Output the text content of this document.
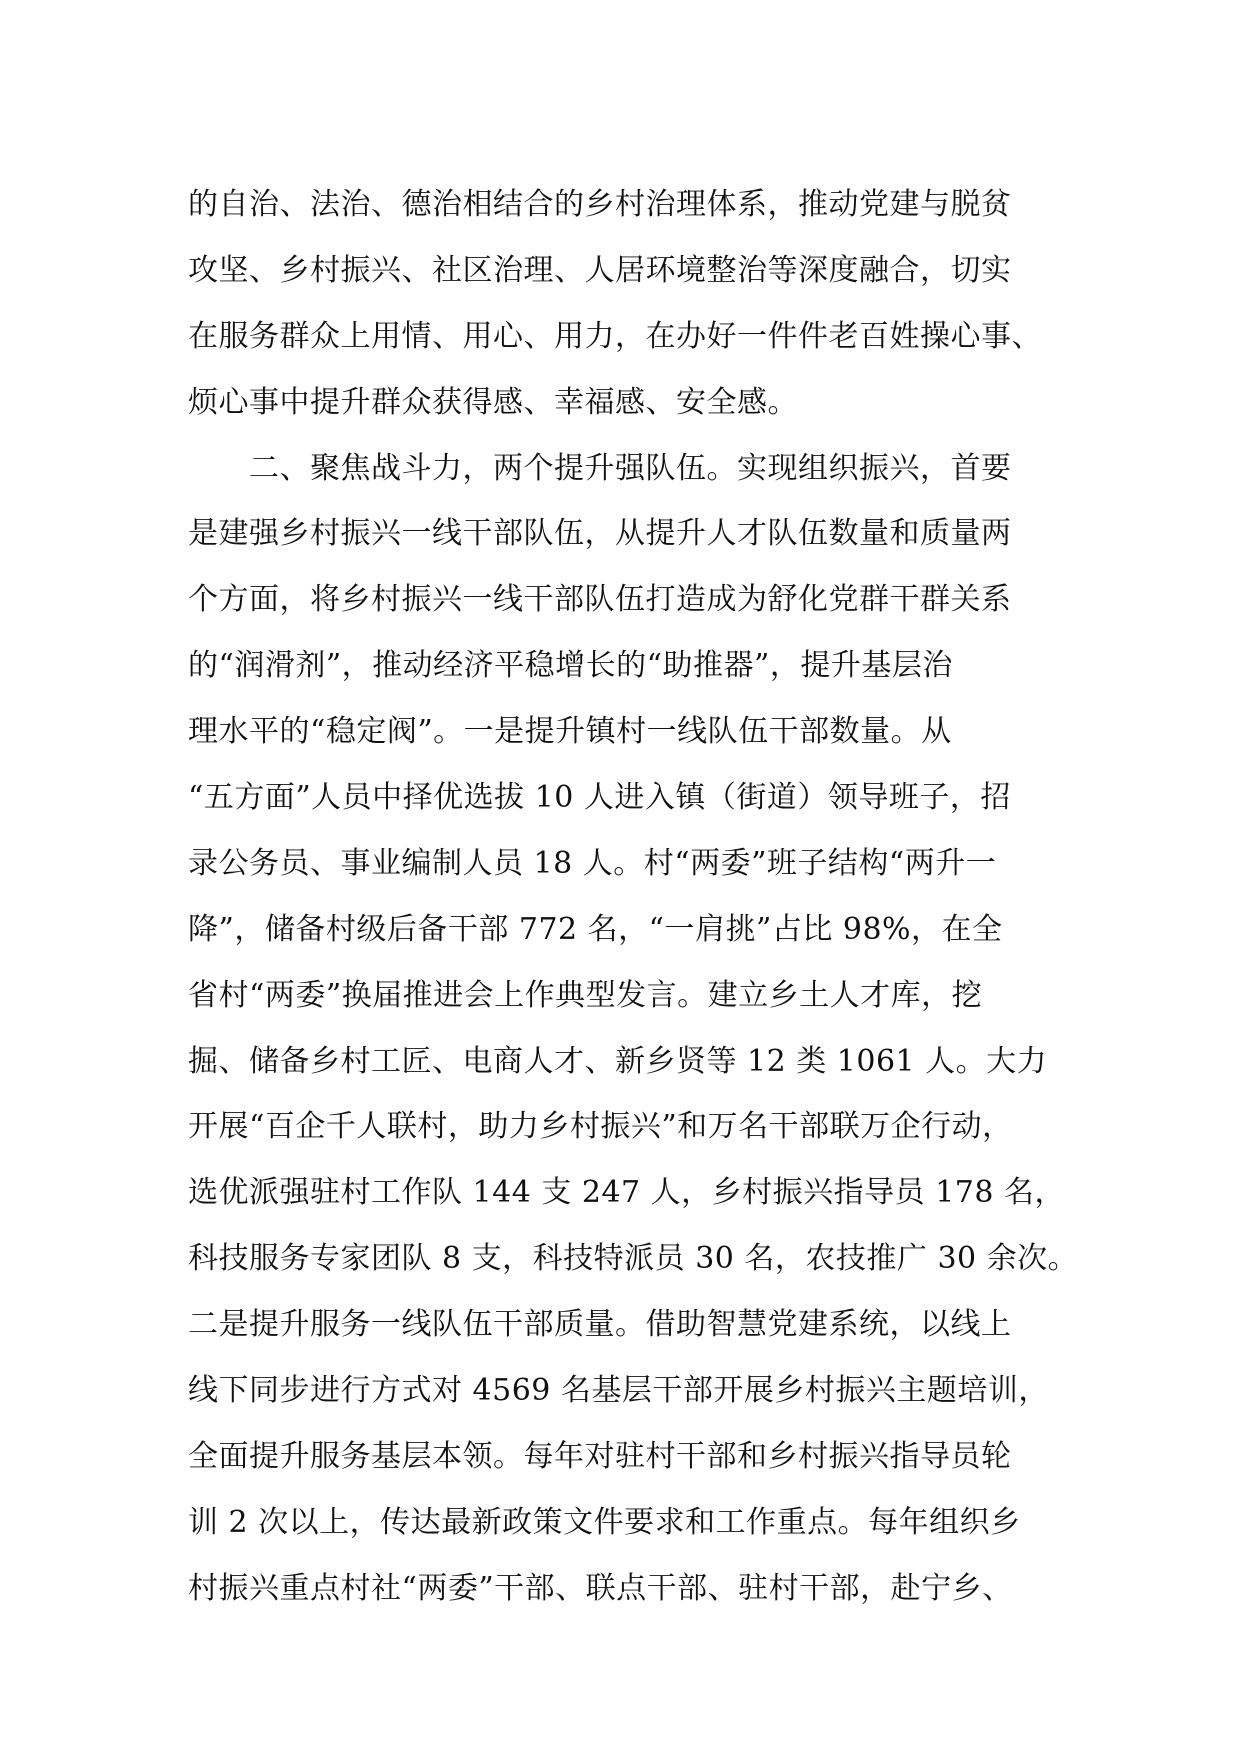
的自治、法治、德治相结合的乡村治理体系，推动党建与脱贫
攻坚、乡村振兴、社区治理、人居环境整治等深度融合，切实
在服务群众上用情、用心、用力，在办好一件件老百姓操心事、
烦心事中提升群众获得感、幸福感、安全感。
　　二、聚焦战斗力，两个提升强队伍。实现组织振兴，首要
是建强乡村振兴一线干部队伍，从提升人才队伍数量和质量两
个方面，将乡村振兴一线干部队伍打造成为舒化党群干群关系
的“润滑剂”，推动经济平稳增长的“助推器”，提升基层治
理水平的“稳定阀”。一是提升镇村一线队伍干部数量。从
“五方面”人员中择优选拔 10 人进入镇（街道）领导班子，招
录公务员、事业编制人员 18 人。村“两委”班子结构“两升一
降”，储备村级后备干部 772 名，“一肩挑”占比 98%，在全
省村“两委”换届推进会上作典型发言。建立乡土人才库，挖
掘、储备乡村工匠、电商人才、新乡贤等 12 类 1061 人。大力
开展“百企千人联村，助力乡村振兴”和万名干部联万企行动，
选优派强驻村工作队 144 支 247 人，乡村振兴指导员 178 名，
科技服务专家团队 8 支，科技特派员 30 名，农技推广 30 余次。
二是提升服务一线队伍干部质量。借助智慧党建系统，以线上
线下同步进行方式对 4569 名基层干部开展乡村振兴主题培训，
全面提升服务基层本领。每年对驻村干部和乡村振兴指导员轮
训 2 次以上，传达最新政策文件要求和工作重点。每年组织乡
村振兴重点村社“两委”干部、联点干部、驻村干部，赴宁乡、
